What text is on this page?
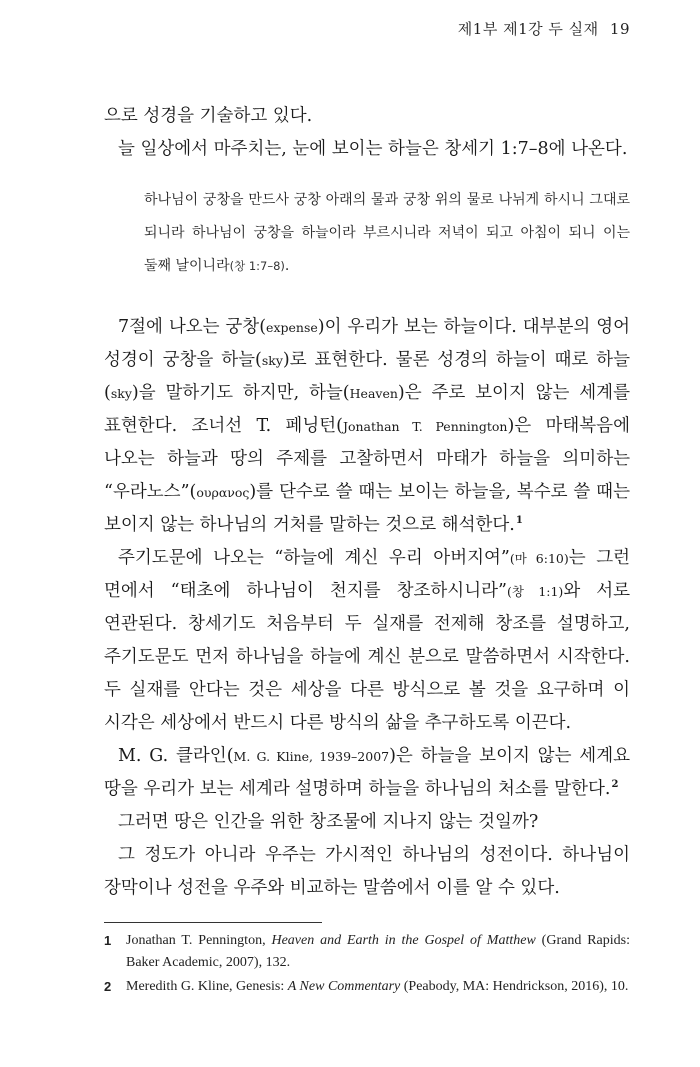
제1부 제1강 두 실재 19

으로 성경을 기술하고 있다.

늘 일상에서 마주치는, 눈에 보이는 하늘은 창세기 1:7–8에 나온다.

하나님이 궁창을 만드사 궁창 아래의 물과 궁창 위의 물로 나뉘게 하시니 그대로 되니라 하나님이 궁창을 하늘이라 부르시니라 저녁이 되고 아침이 되니 이는 둘째 날이니라(창 1:7–8).

7절에 나오는 궁창(expense)이 우리가 보는 하늘이다. 대부분의 영어 성경이 궁창을 하늘(sky)로 표현한다. 물론 성경의 하늘이 때로 하늘(sky)을 말하기도 하지만, 하늘(Heaven)은 주로 보이지 않는 세계를 표현한다. 조너선 T. 페닝턴(Jonathan T. Pennington)은 마태복음에 나오는 하늘과 땅의 주제를 고찰하면서 마태가 하늘을 의미하는 “우라노스”(ουρανος)를 단수로 쓸 때는 보이는 하늘을, 복수로 쓸 때는 보이지 않는 하나님의 거처를 말하는 것으로 해석한다.$^1$

주기도문에 나오는 “하늘에 계신 우리 아버지여”(마 6:10)는 그런 면에서 “태초에 하나님이 천지를 창조하시니라”(창 1:1)와 서로 연관된다. 창세기도 처음부터 두 실재를 전제해 창조를 설명하고, 주기도문도 먼저 하나님을 하늘에 계신 분으로 말씀하면서 시작한다. 두 실재를 안다는 것은 세상을 다른 방식으로 볼 것을 요구하며 이 시각은 세상에서 반드시 다른 방식의 삶을 추구하도록 이끈다.

M. G. 클라인(M. G. Kline, 1939–2007)은 하늘을 보이지 않는 세계요 땅을 우리가 보는 세계라 설명하며 하늘을 하나님의 처소를 말한다.$^2$

그러면 땅은 인간을 위한 창조물에 지나지 않는 것일까?

그 정도가 아니라 우주는 가시적인 하나님의 성전이다. 하나님이 장막이나 성전을 우주와 비교하는 말씀에서 이를 알 수 있다.

1	Jonathan T. Pennington, Heaven and Earth in the Gospel of Matthew (Grand Rapids: Baker Academic, 2007), 132.
2	Meredith G. Kline, Genesis: A New Commentary (Peabody, MA: Hendrickson, 2016), 10.
